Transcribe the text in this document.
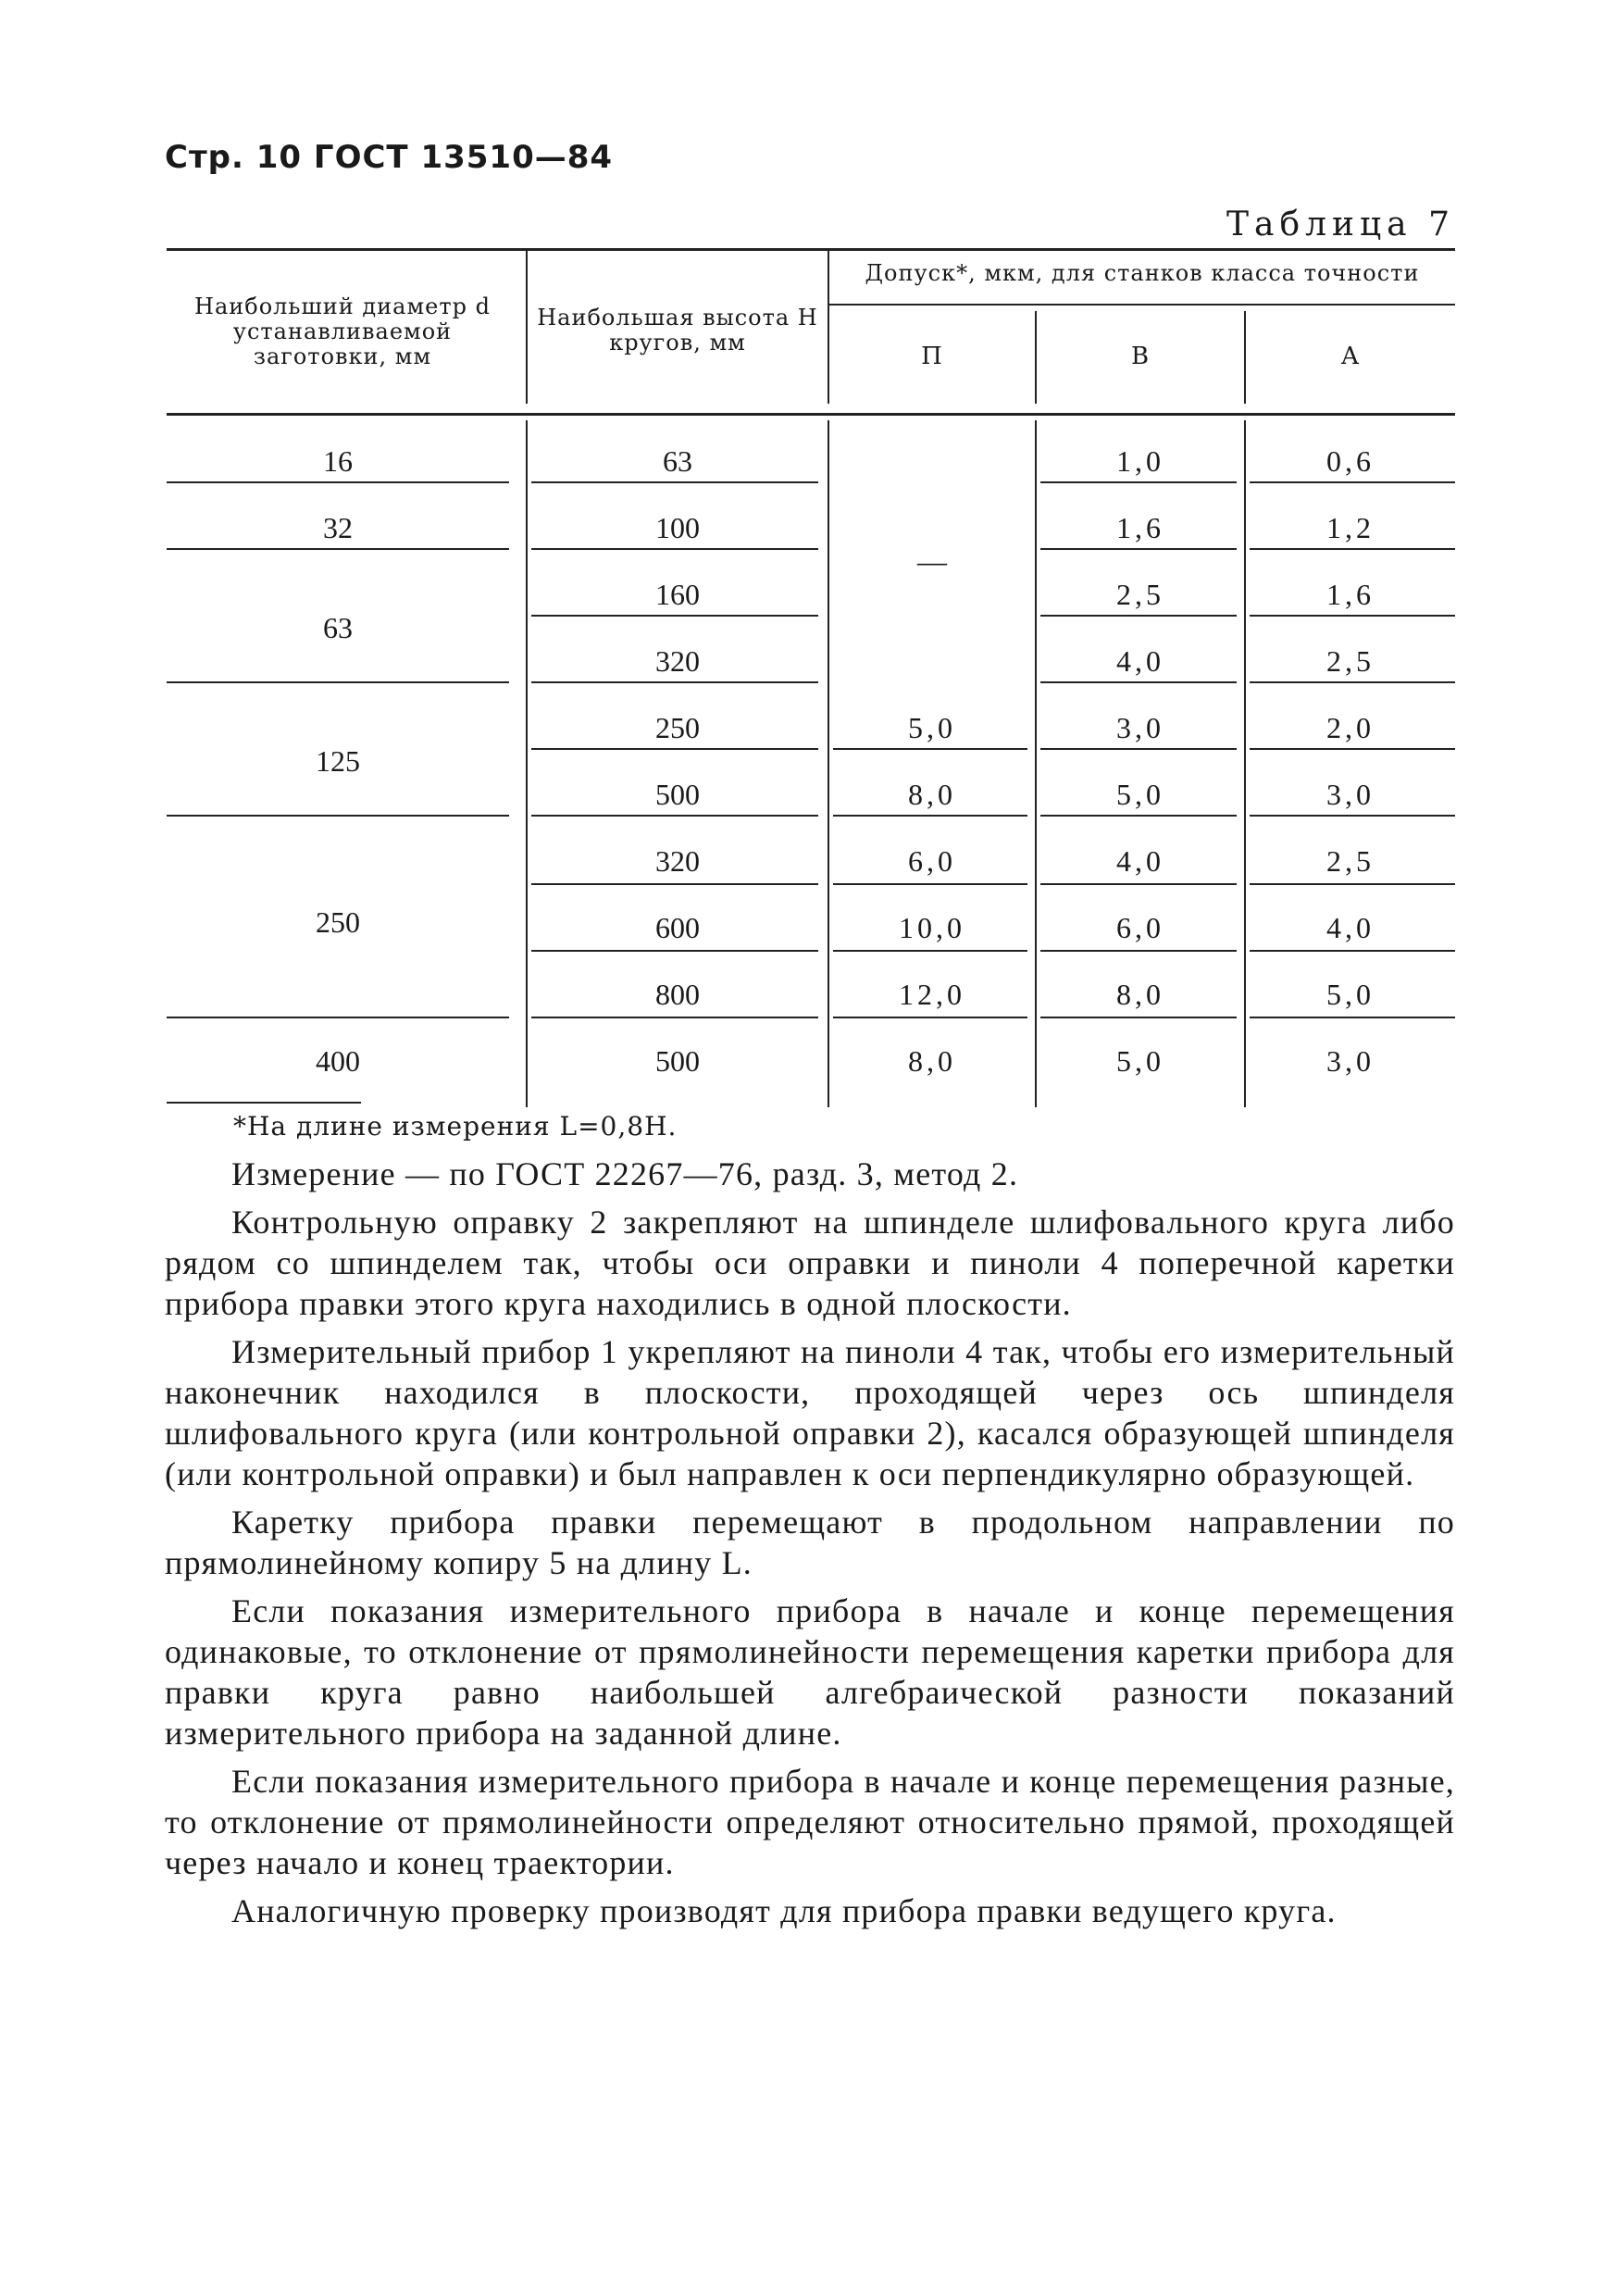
Стр. 10 ГОСТ 13510—84
Таблица 7
Наибольший диаметр d устанавливаемой заготовки, мм
Наибольшая высота H кругов, мм
Допуск*, мкм, для станков класса точности
П	В	А
16
32
63
125
250
400
—
63
100
160
320
250
500
320
600
800
500
5,0
8,0
6,0
10,0
12,0
8,0
1,0
1,6
2,5
4,0
3,0
5,0
4,0
6,0
8,0
5,0
0,6
1,2
1,6
2,5
2,0
3,0
2,5
4,0
5,0
3,0
*На длине измерения L=0,8H.

Измерение — по ГОСТ 22267—76, разд. 3, метод 2.

Контрольную оправку 2 закрепляют на шпинделе шлифовального круга либо рядом со шпинделем так, чтобы оси оправки и пиноли 4 поперечной каретки прибора правки этого круга находились в одной плоскости.

Измерительный прибор 1 укрепляют на пиноли 4 так, чтобы его измерительный наконечник находился в плоскости, проходящей через ось шпинделя шлифовального круга (или контрольной оправки 2), касался образующей шпинделя (или контрольной оправки) и был направлен к оси перпендикулярно образующей.

Каретку прибора правки перемещают в продольном направлении по прямолинейному копиру 5 на длину L.

Если показания измерительного прибора в начале и конце перемещения одинаковые, то отклонение от прямолинейности перемещения каретки прибора для правки круга равно наибольшей алгебраической разности показаний измерительного прибора на заданной длине.

Если показания измерительного прибора в начале и конце перемещения разные, то отклонение от прямолинейности определяют относительно прямой, проходящей через начало и конец траектории.

Аналогичную проверку производят для прибора правки ведущего круга.
